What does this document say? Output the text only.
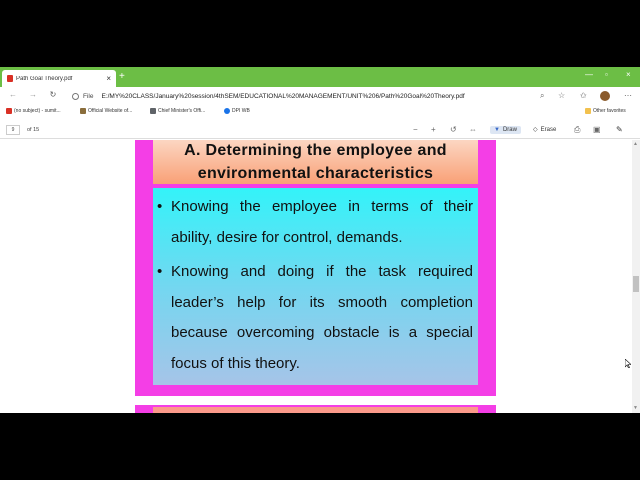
Path Goal Theory.pdf	× +	— ▫ ×
←	→	↻	File E:/MY%20CLASS/January%20session/4thSEM/EDUCATIONAL%20MANAGEMENT/UNIT%206/Path%20Goal%20Theory.pdf	⌕ ☆ ✩	⋯
(no subject) - sumit...	Official Website of...	Chief Minister's Offi...	DPI WB	Other favorites
9	of 15	− + ↺ ⇔	▼ Draw	◇ Erase ⎙ ▣ ✎
A. Determining the employee and environmental characteristics
• Knowing the employee in terms of their ability, desire for control, demands.
• Knowing and doing if the task required leader’s help for its smooth completion because overcoming obstacle is a special focus of this theory.
▲
▼
